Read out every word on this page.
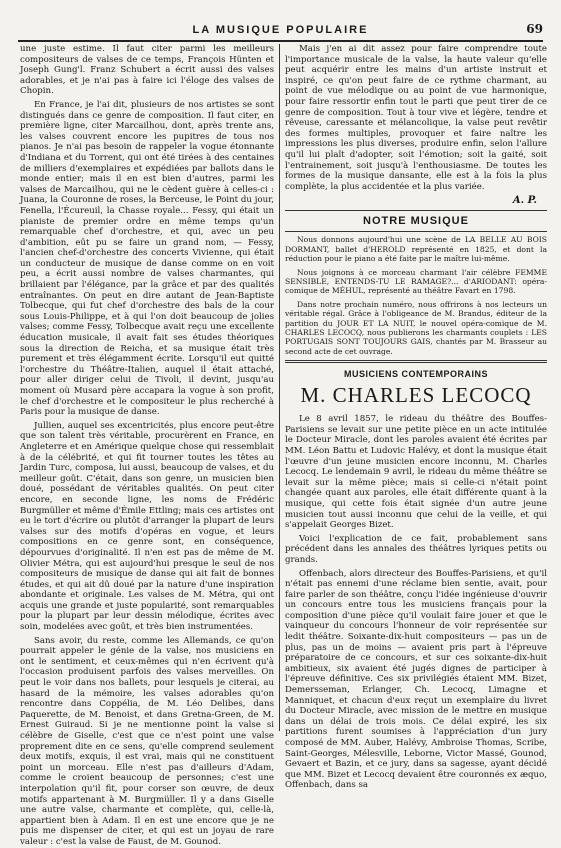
LA MUSIQUE POPULAIRE	69

une juste estime. Il faut citer parmi les meilleurs compositeurs de valses de ce temps, François Hünten et Joseph Gung'l. Franz Schubert a écrit aussi des valses adorables, et je n'ai pas à faire ici l'éloge des valses de Chopin.

En France, je l'ai dit, plusieurs de nos artistes se sont distingués dans ce genre de composition. Il faut citer, en première ligne, citer Marcailhou, dont, après trente ans, les valses couvrent encore les pupitres de tous nos pianos. Je n'ai pas besoin de rappeler la vogue étonnante d'Indiana et du Torrent, qui ont été tirées à des centaines de milliers d'exemplaires et expédiées par ballots dans le monde entier; mais il en est bien d'autres, parmi les valses de Marcailhou, qui ne le cèdent guère à celles-ci : Juana, la Couronne de roses, la Berceuse, le Point du jour, Fenella, l'Écureuil, la Chasse royale... Fessy, qui était un pianiste de premier ordre en même temps qu'un remarquable chef d'orchestre, et qui, avec un peu d'ambition, eût pu se faire un grand nom, — Fessy, l'ancien chef-d'orchestre des concerts Vivienne, qui était un conducteur de musique de danse comme on en voit peu, a écrit aussi nombre de valses charmantes, qui brillaient par l'élégance, par la grâce et par des qualités entraînantes. On peut en dire autant de Jean-Baptiste Tolbecque, qui fut chef d'orchestre des bals de la cour sous Louis-Philippe, et à qui l'on doit beaucoup de jolies valses; comme Fessy, Tolbecque avait reçu une excellente éducation musicale, il avait fait ses études théoriques sous la direction de Reicha, et sa musique était très purement et très élégamment écrite. Lorsqu'il eut quitté l'orchestre du Théâtre-Italien, auquel il était attaché, pour aller diriger celui de Tivoli, il devint, jusqu'au moment où Musard père accapara la vogue à son profit, le chef d'orchestre et le compositeur le plus recherché à Paris pour la musique de danse.

Jullien, auquel ses excentricités, plus encore peut-être que son talent très véritable, procurèrent en France, en Angleterre et en Amérique quelque chose qui ressemblait à de la célébrité, et qui fit tourner toutes les têtes au Jardin Turc, composa, lui aussi, beaucoup de valses, et du meilleur goût. C'était, dans son genre, un musicien bien doué, possédant de véritables qualités. On peut citer encore, en seconde ligne, les noms de Frédéric Burgmüller et même d'Émile Ettling; mais ces artistes ont eu le tort d'écrire ou plutôt d'arranger la plupart de leurs valses sur des motifs d'opéras en vogue, et leurs compositions en ce genre sont, en conséquence, dépourvues d'originalité. Il n'en est pas de même de M. Olivier Métra, qui est aujourd'hui presque le seul de nos compositeurs de musique de danse qui ait fait de bonnes études, et qui ait dû doué par la nature d'une inspiration abondante et originale. Les valses de M. Métra, qui ont acquis une grande et juste popularité, sont remarquables pour la plupart par leur dessin mélodique, écrites avec soin, modelées avec goût, et très bien instrumentées.

Sans avoir, du reste, comme les Allemands, ce qu'on pourrait appeler le génie de la valse, nos musiciens en ont le sentiment, et ceux-mêmes qui n'en écrivent qu'à l'occasion produisent parfois des valses merveilles. On peut le voir dans nos ballets, pour lesquels je citerai, au hasard de la mémoire, les valses adorables qu'on rencontre dans Coppélia, de M. Léo Delibes, dans Paquerette, de M. Benoist, et dans Gretna-Green, de M. Ernest Guiraud. Si je ne mentionne point la valse si célèbre de Giselle, c'est que ce n'est point une valse proprement dite en ce sens, qu'elle comprend seulement deux motifs, exquis, il est vrai, mais qui ne constituent point un morceau. Elle n'est pas d'ailleurs d'Adam, comme le croient beaucoup de personnes; c'est une interpolation qu'il fit, pour corser son œuvre, de deux motifs appartenant à M. Burgmüller. Il y a dans Giselle une autre valse, charmante et complète, qui, celle-là, appartient bien à Adam. Il en est une encore que je ne puis me dispenser de citer, et qui est un joyau de rare valeur : c'est la valse de Faust, de M. Gounod.

Mais j'en ai dit assez pour faire comprendre toute l'importance musicale de la valse, la haute valeur qu'elle peut acquérir entre les mains d'un artiste instruit et inspiré, ce qu'on peut faire de ce rythme charmant, au point de vue mélodique ou au point de vue harmonique, pour faire ressortir enfin tout le parti que peut tirer de ce genre de composition. Tout à tour vive et légère, tendre et rêveuse, caressante et mélancolique, la valse peut revêtir des formes multiples, provoquer et faire naître les impressions les plus diverses, produire enfin, selon l'allure qu'il lui plaît d'adopter, soit l'émotion; soit la gaité, soit l'entrainement, soit jusqu'à l'enthousiasme. De toutes les formes de la musique dansante, elle est à la fois la plus complète, la plus accidentée et la plus variée.

A. P.
NOTRE MUSIQUE

Nous donnons aujourd'hui une scène de LA BELLE AU BOIS DORMANT, ballet d'HEROLD représenté en 1825, et dont la réduction pour le piano a été faite par le maître lui-même.

Nous joignons à ce morceau charmant l'air célèbre FEMME SENSIBLE, ENTENDS-TU LE RAMAGE?... d'ARIODANT: opéra-comique de MÉHUL, représenté au théâtre Favart en 1798.

Dans notre prochain numéro, nous offrirons à nos lecteurs un véritable régal. Grâce à l'obligeance de M. Brandus, éditeur de la partition du JOUR ET LA NUIT, le nouvel opéra-comique de M. CHARLES LECOCQ, nous publierons les charmants couplets : LES PORTUGAIS SONT TOUJOURS GAIS, chantés par M. Brasseur au second acte de cet ouvrage.

MUSICIENS CONTEMPORAINS
M. CHARLES LECOCQ

Le 8 avril 1857, le rideau du théâtre des Bouffes-Parisiens se levait sur une petite pièce en un acte intitulée le Docteur Miracle, dont les paroles avaient été écrites par MM. Léon Battu et Ludovic Halévy, et dont la musique était l'œuvre d'un jeune musicien encore inconnu, M. Charles Lecocq. Le lendemain 9 avril, le rideau du même théâtre se levait sur la même pièce; mais si celle-ci n'était point changée quant aux paroles, elle était différente quant à la musique, qui cette fois était signée d'un autre jeune musicien tout aussi inconnu que celui de la veille, et qui s'appelait Georges Bizet.

Voici l'explication de ce fait, probablement sans précédent dans les annales des théâtres lyriques petits ou grands.

Offenbach, alors directeur des Bouffes-Parisiens, et qu'il n'était pas ennemi d'une réclame bien sentie, avait, pour faire parler de son théâtre, conçu l'idée ingénieuse d'ouvrir un concours entre tous les musiciens français pour la composition d'une pièce qu'il voulait faire jouer et que le vainqueur du concours l'honneur de voir représentée sur ledit théâtre. Soixante-dix-huit compositeurs — pas un de plus, pas un de moins — avaient pris part à l'épreuve préparatoire de ce concours, et sur ces soixante-dix-huit ambitieux, six avaient été jugés dignes de participer à l'épreuve définitive. Ces six privilégiés étaient MM. Bizet, Demersseman, Erlanger, Ch. Lecocq, Limagne et Manniquet, et chacun d'eux reçut un exemplaire du livret du Docteur Miracle, avec mission de le mettre en musique dans un délai de trois mois. Ce délai expiré, les six partitions furent soumises à l'appréciation d'un jury composé de MM. Auber, Halévy, Ambroise Thomas, Scribe, Saint-Georges, Mélesville, Leborne, Victor Massé, Gounod, Gevaert et Bazin, et ce jury, dans sa sagesse, ayant décidé que MM. Bizet et Lecocq devaient être couronnés ex æquo, Offenbach, dans sa
